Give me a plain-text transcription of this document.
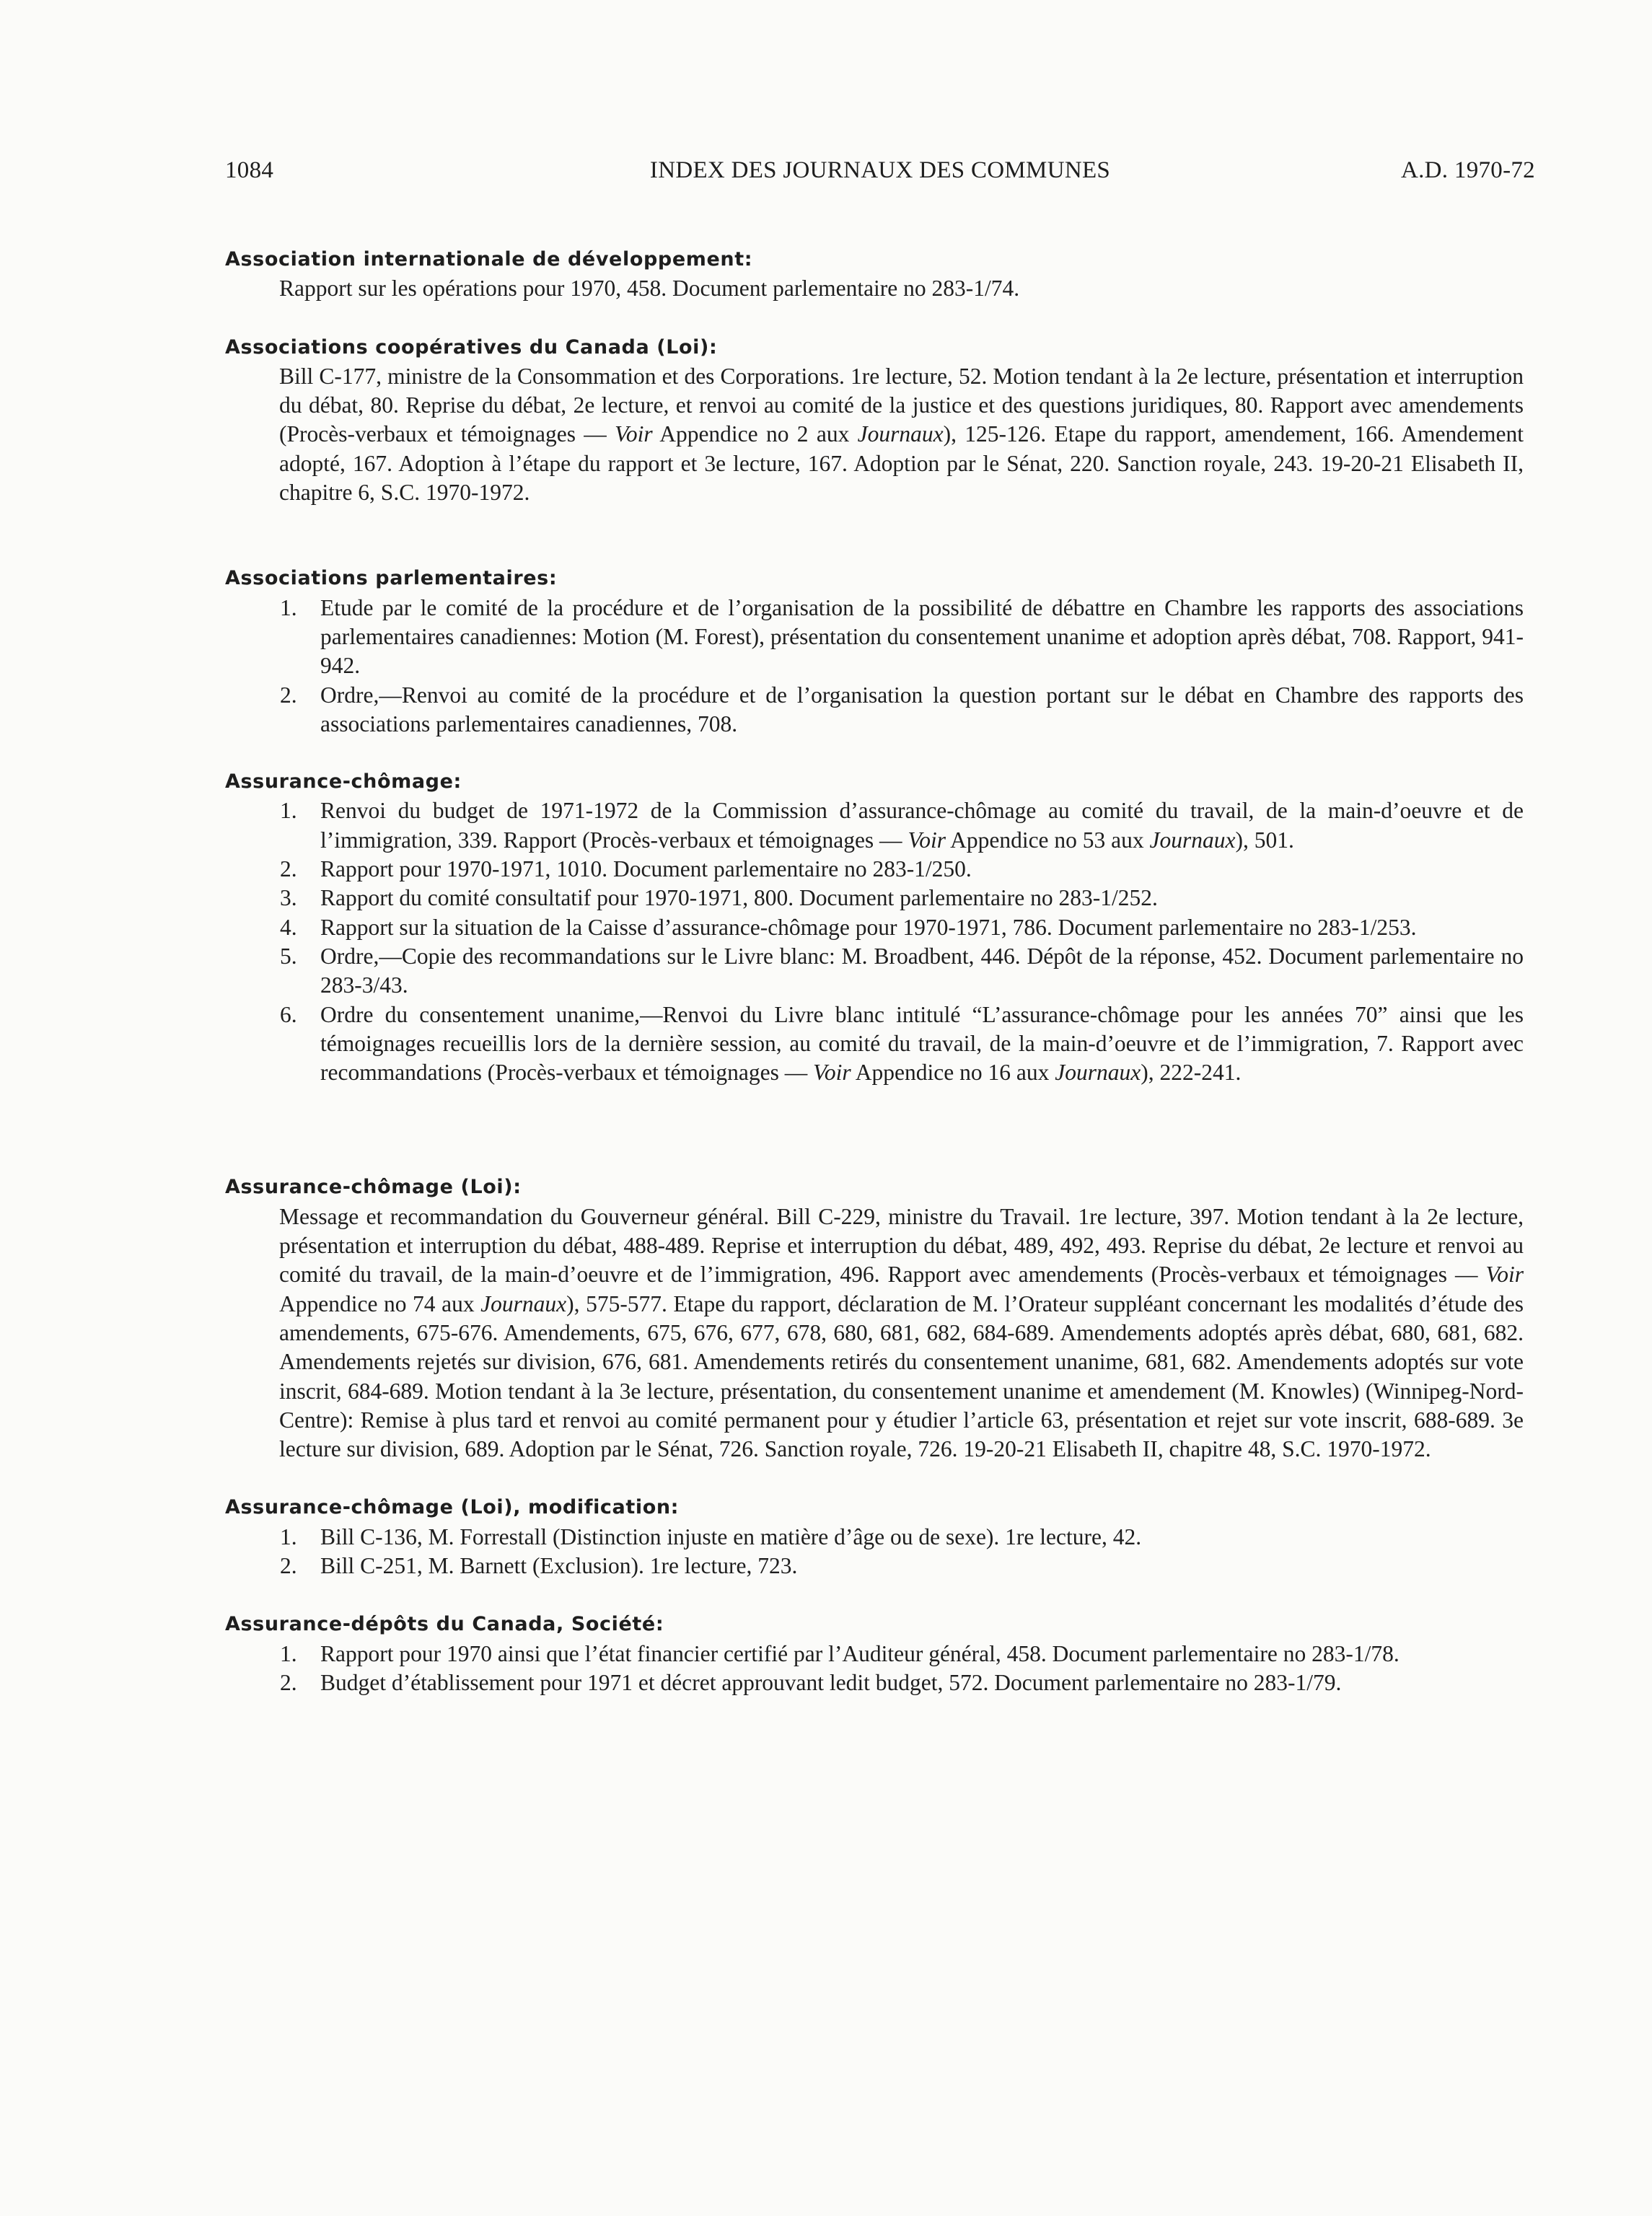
1084	INDEX DES JOURNAUX DES COMMUNES	A.D. 1970-72

Association internationale de développement:

Rapport sur les opérations pour 1970, 458. Document parlementaire no 283-1/74.

Associations coopératives du Canada (Loi):

Bill C-177, ministre de la Consommation et des Corporations. 1re lecture, 52. Motion tendant à la 2e lecture, présentation et interruption du débat, 80. Reprise du débat, 2e lecture, et renvoi au comité de la justice et des questions juridiques, 80. Rapport avec amendements (Procès-verbaux et témoignages — Voir Appendice no 2 aux Journaux), 125-126. Etape du rapport, amendement, 166. Amendement adopté, 167. Adoption à l’étape du rapport et 3e lecture, 167. Adoption par le Sénat, 220. Sanction royale, 243. 19-20-21 Elisabeth II, chapitre 6, S.C. 1970-1972.

Associations parlementaires:

1. Etude par le comité de la procédure et de l’organisation de la possibilité de débattre en Chambre les rapports des associations parlementaires canadiennes: Motion (M. Forest), présentation du consentement unanime et adoption après débat, 708. Rapport, 941-942.
2. Ordre,—Renvoi au comité de la procédure et de l’organisation la question portant sur le débat en Chambre des rapports des associations parlementaires canadiennes, 708.

Assurance-chômage:

1. Renvoi du budget de 1971-1972 de la Commission d’assurance-chômage au comité du travail, de la main-d’oeuvre et de l’immigration, 339. Rapport (Procès-verbaux et témoignages — Voir Appendice no 53 aux Journaux), 501.
2. Rapport pour 1970-1971, 1010. Document parlementaire no 283-1/250.
3. Rapport du comité consultatif pour 1970-1971, 800. Document parlementaire no 283-1/252.
4. Rapport sur la situation de la Caisse d’assurance-chômage pour 1970-1971, 786. Document parlementaire no 283-1/253.
5. Ordre,—Copie des recommandations sur le Livre blanc: M. Broadbent, 446. Dépôt de la réponse, 452. Document parlementaire no 283-3/43.
6. Ordre du consentement unanime,—Renvoi du Livre blanc intitulé “L’assurance-chômage pour les années 70” ainsi que les témoignages recueillis lors de la dernière session, au comité du travail, de la main-d’oeuvre et de l’immigration, 7. Rapport avec recommandations (Procès-verbaux et témoignages — Voir Appendice no 16 aux Journaux), 222-241.

Assurance-chômage (Loi):

Message et recommandation du Gouverneur général. Bill C-229, ministre du Travail. 1re lecture, 397. Motion tendant à la 2e lecture, présentation et interruption du débat, 488-489. Reprise et interruption du débat, 489, 492, 493. Reprise du débat, 2e lecture et renvoi au comité du travail, de la main-d’oeuvre et de l’immigration, 496. Rapport avec amendements (Procès-verbaux et témoignages — Voir Appendice no 74 aux Journaux), 575-577. Etape du rapport, déclaration de M. l’Orateur suppléant concernant les modalités d’étude des amendements, 675-676. Amendements, 675, 676, 677, 678, 680, 681, 682, 684-689. Amendements adoptés après débat, 680, 681, 682. Amendements rejetés sur division, 676, 681. Amendements retirés du consentement unanime, 681, 682. Amendements adoptés sur vote inscrit, 684-689. Motion tendant à la 3e lecture, présentation, du consentement unanime et amendement (M. Knowles) (Winnipeg-Nord-Centre): Remise à plus tard et renvoi au comité permanent pour y étudier l’article 63, présentation et rejet sur vote inscrit, 688-689. 3e lecture sur division, 689. Adoption par le Sénat, 726. Sanction royale, 726. 19-20-21 Elisabeth II, chapitre 48, S.C. 1970-1972.

Assurance-chômage (Loi), modification:

1. Bill C-136, M. Forrestall (Distinction injuste en matière d’âge ou de sexe). 1re lecture, 42.
2. Bill C-251, M. Barnett (Exclusion). 1re lecture, 723.

Assurance-dépôts du Canada, Société:

1. Rapport pour 1970 ainsi que l’état financier certifié par l’Auditeur général, 458. Document parlementaire no 283-1/78.
2. Budget d’établissement pour 1971 et décret approuvant ledit budget, 572. Document parlementaire no 283-1/79.
